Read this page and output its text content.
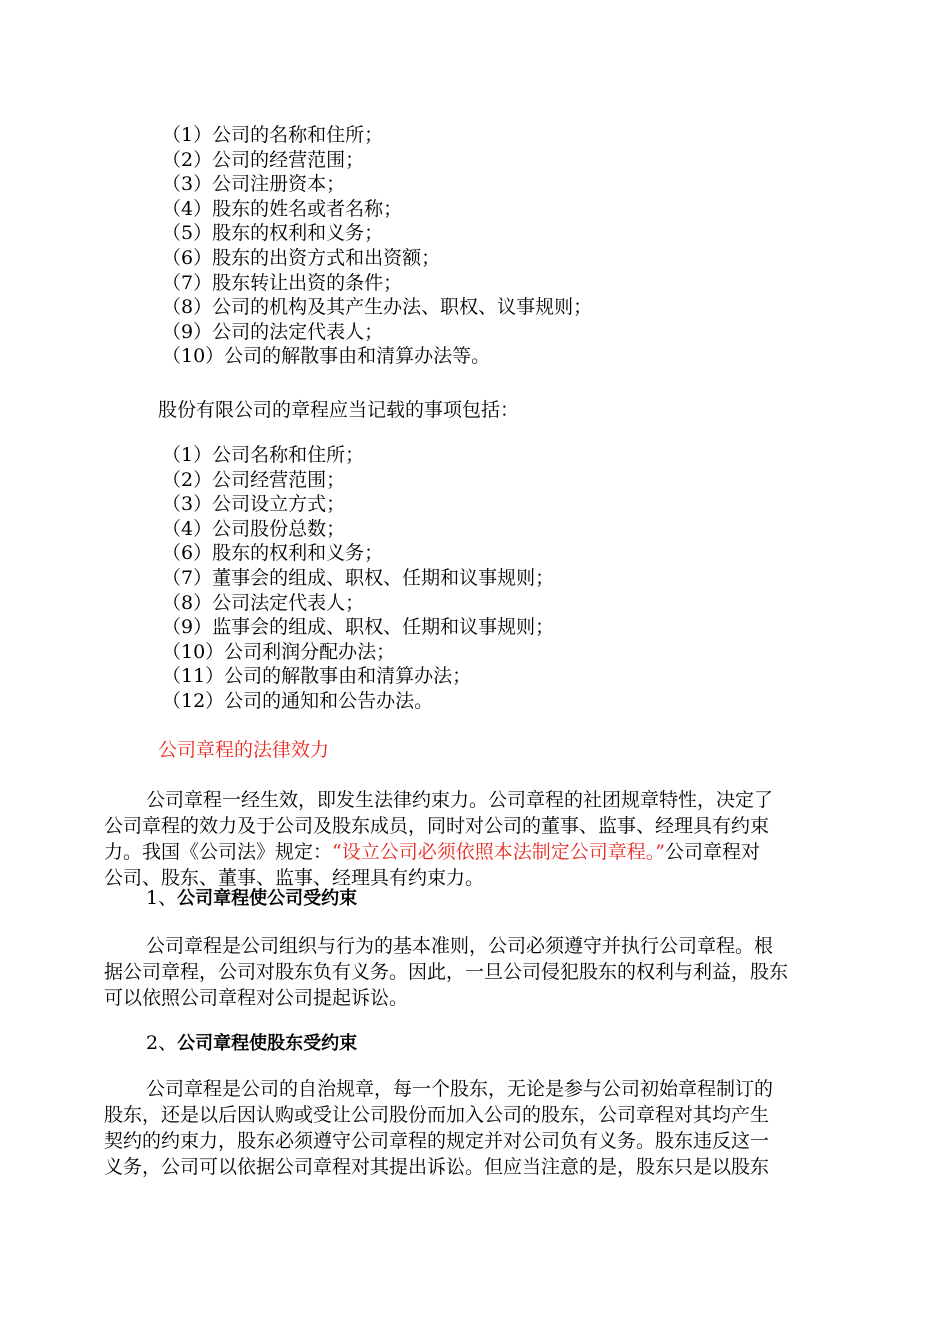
（1）公司的名称和住所；
（2）公司的经营范围；
（3）公司注册资本；
（4）股东的姓名或者名称；
（5）股东的权利和义务；
（6）股东的出资方式和出资额；
（7）股东转让出资的条件；
（8）公司的机构及其产生办法、职权、议事规则；
（9）公司的法定代表人；
（10）公司的解散事由和清算办法等。
股份有限公司的章程应当记载的事项包括：
（1）公司名称和住所；
（2）公司经营范围；
（3）公司设立方式；
（4）公司股份总数；
（6）股东的权利和义务；
（7）董事会的组成、职权、任期和议事规则；
（8）公司法定代表人；
（9）监事会的组成、职权、任期和议事规则；
（10）公司利润分配办法；
（11）公司的解散事由和清算办法；
（12）公司的通知和公告办法。
公司章程的法律效力
公司章程一经生效，即发生法律约束力。公司章程的社团规章特性，决定了
公司章程的效力及于公司及股东成员，同时对公司的董事、监事、经理具有约束
力。我国《公司法》规定：“设立公司必须依照本法制定公司章程。”公司章程对
公司、股东、董事、监事、经理具有约束力。
1、公司章程使公司受约束
公司章程是公司组织与行为的基本准则，公司必须遵守并执行公司章程。根
据公司章程，公司对股东负有义务。因此，一旦公司侵犯股东的权利与利益，股东
可以依照公司章程对公司提起诉讼。
2、公司章程使股东受约束
公司章程是公司的自治规章，每一个股东，无论是参与公司初始章程制订的
股东，还是以后因认购或受让公司股份而加入公司的股东，公司章程对其均产生
契约的约束力，股东必须遵守公司章程的规定并对公司负有义务。股东违反这一
义务，公司可以依据公司章程对其提出诉讼。但应当注意的是，股东只是以股东
